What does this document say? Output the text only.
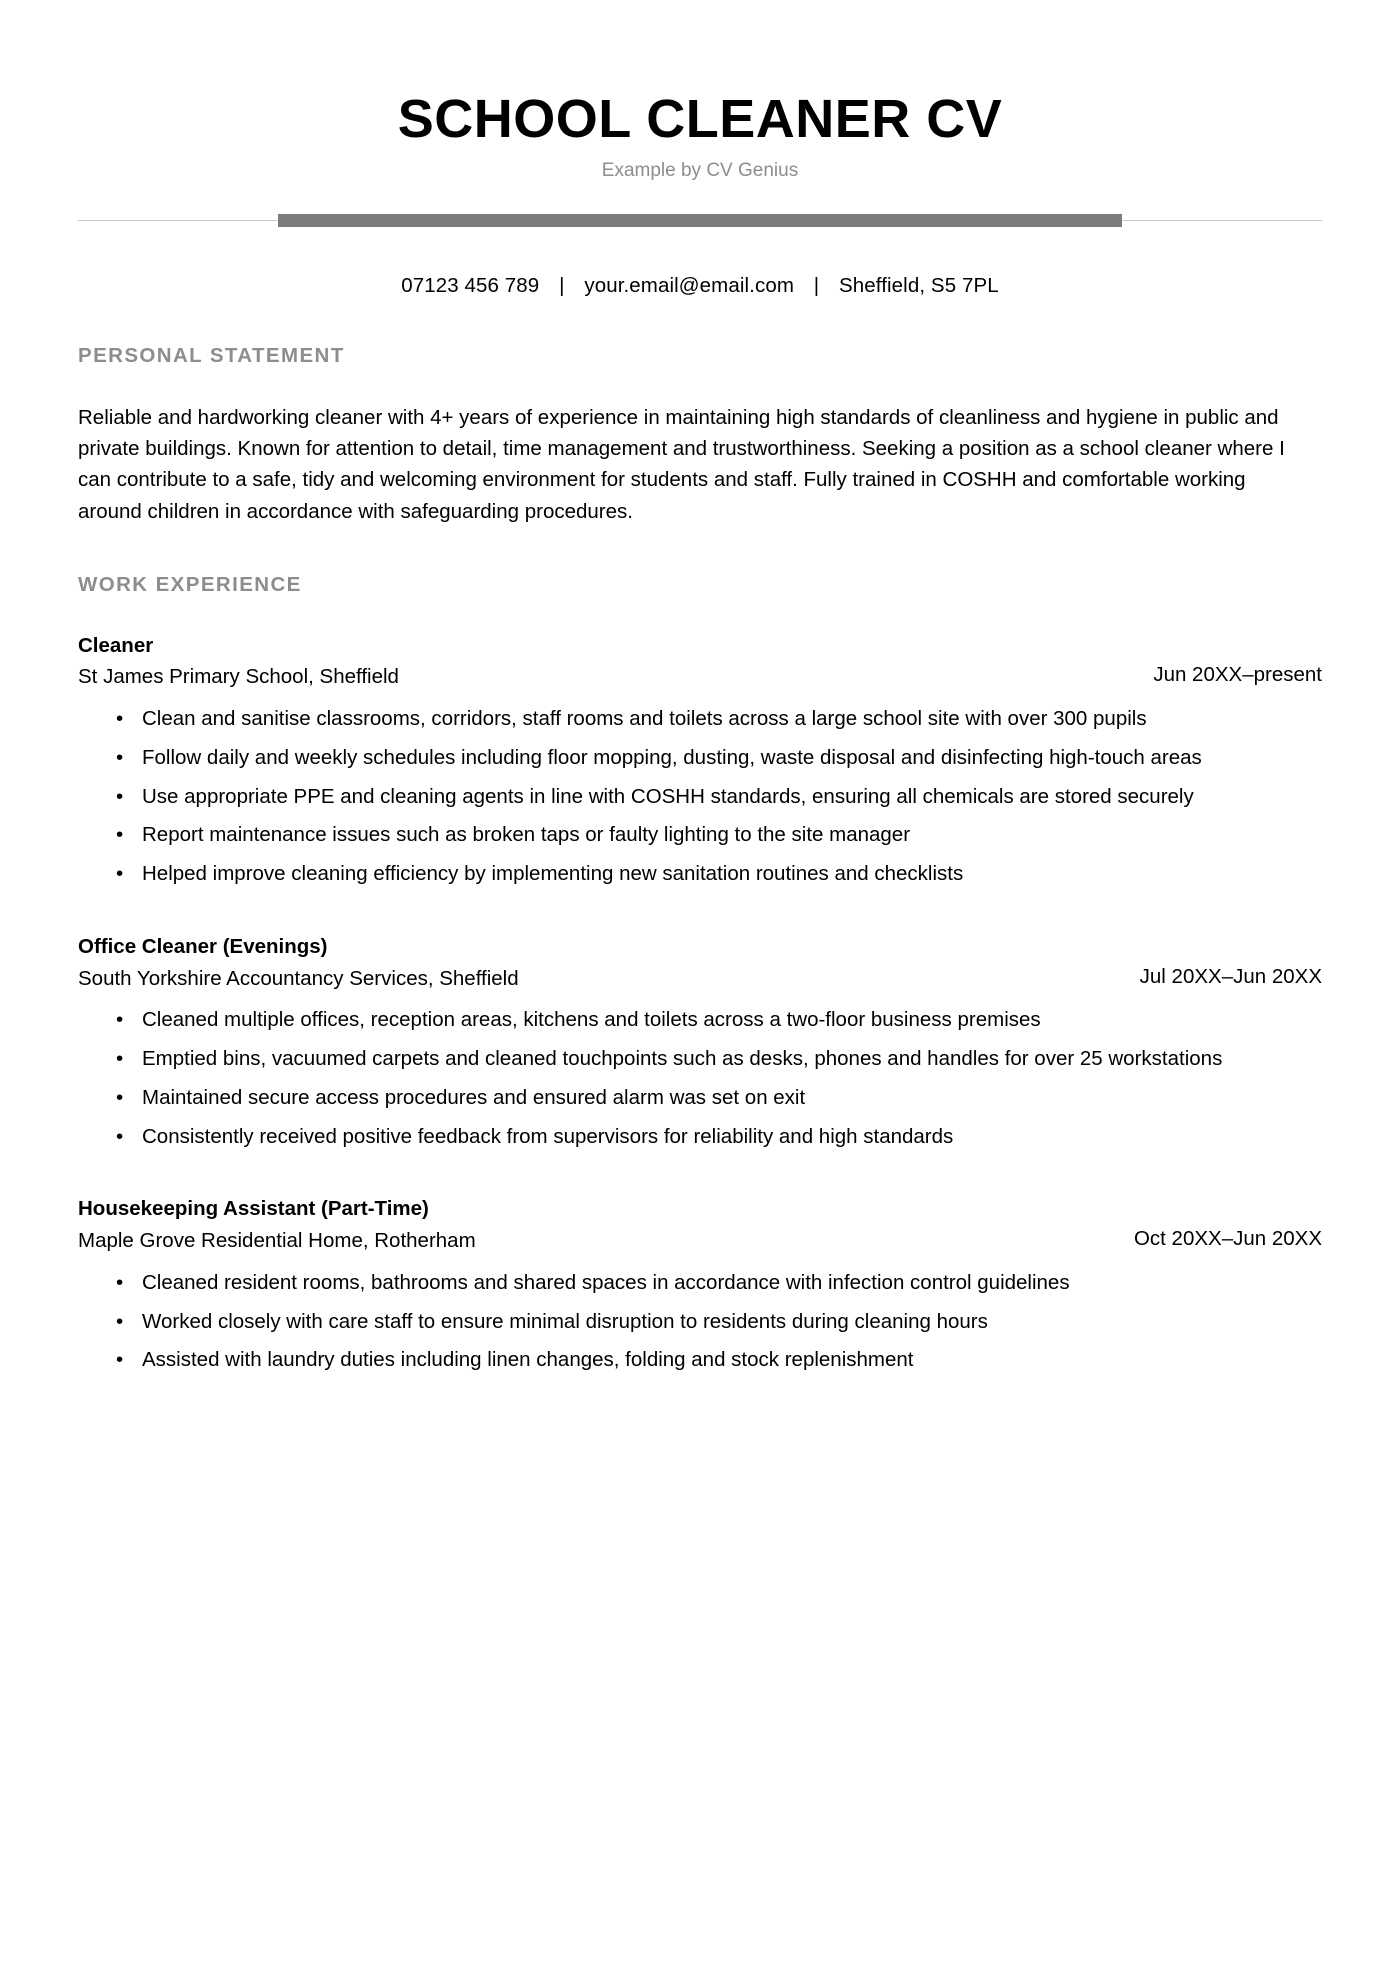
SCHOOL CLEANER CV
Example by CV Genius
07123 456 789 | your.email@email.com | Sheffield, S5 7PL
PERSONAL STATEMENT

Reliable and hardworking cleaner with 4+ years of experience in maintaining high standards of cleanliness and hygiene in public and private buildings. Known for attention to detail, time management and trustworthiness. Seeking a position as a school cleaner where I can contribute to a safe, tidy and welcoming environment for students and staff. Fully trained in COSHH and comfortable working around children in accordance with safeguarding procedures.

WORK EXPERIENCE
Cleaner
St James Primary School, Sheffield	Jun 20XX–present
• Clean and sanitise classrooms, corridors, staff rooms and toilets across a large school site with over 300 pupils
• Follow daily and weekly schedules including floor mopping, dusting, waste disposal and disinfecting high-touch areas
• Use appropriate PPE and cleaning agents in line with COSHH standards, ensuring all chemicals are stored securely
• Report maintenance issues such as broken taps or faulty lighting to the site manager
• Helped improve cleaning efficiency by implementing new sanitation routines and checklists
Office Cleaner (Evenings)
South Yorkshire Accountancy Services, Sheffield	Jul 20XX–Jun 20XX
• Cleaned multiple offices, reception areas, kitchens and toilets across a two-floor business premises
• Emptied bins, vacuumed carpets and cleaned touchpoints such as desks, phones and handles for over 25 workstations
• Maintained secure access procedures and ensured alarm was set on exit
• Consistently received positive feedback from supervisors for reliability and high standards
Housekeeping Assistant (Part-Time)
Maple Grove Residential Home, Rotherham	Oct 20XX–Jun 20XX
• Cleaned resident rooms, bathrooms and shared spaces in accordance with infection control guidelines
• Worked closely with care staff to ensure minimal disruption to residents during cleaning hours
• Assisted with laundry duties including linen changes, folding and stock replenishment
